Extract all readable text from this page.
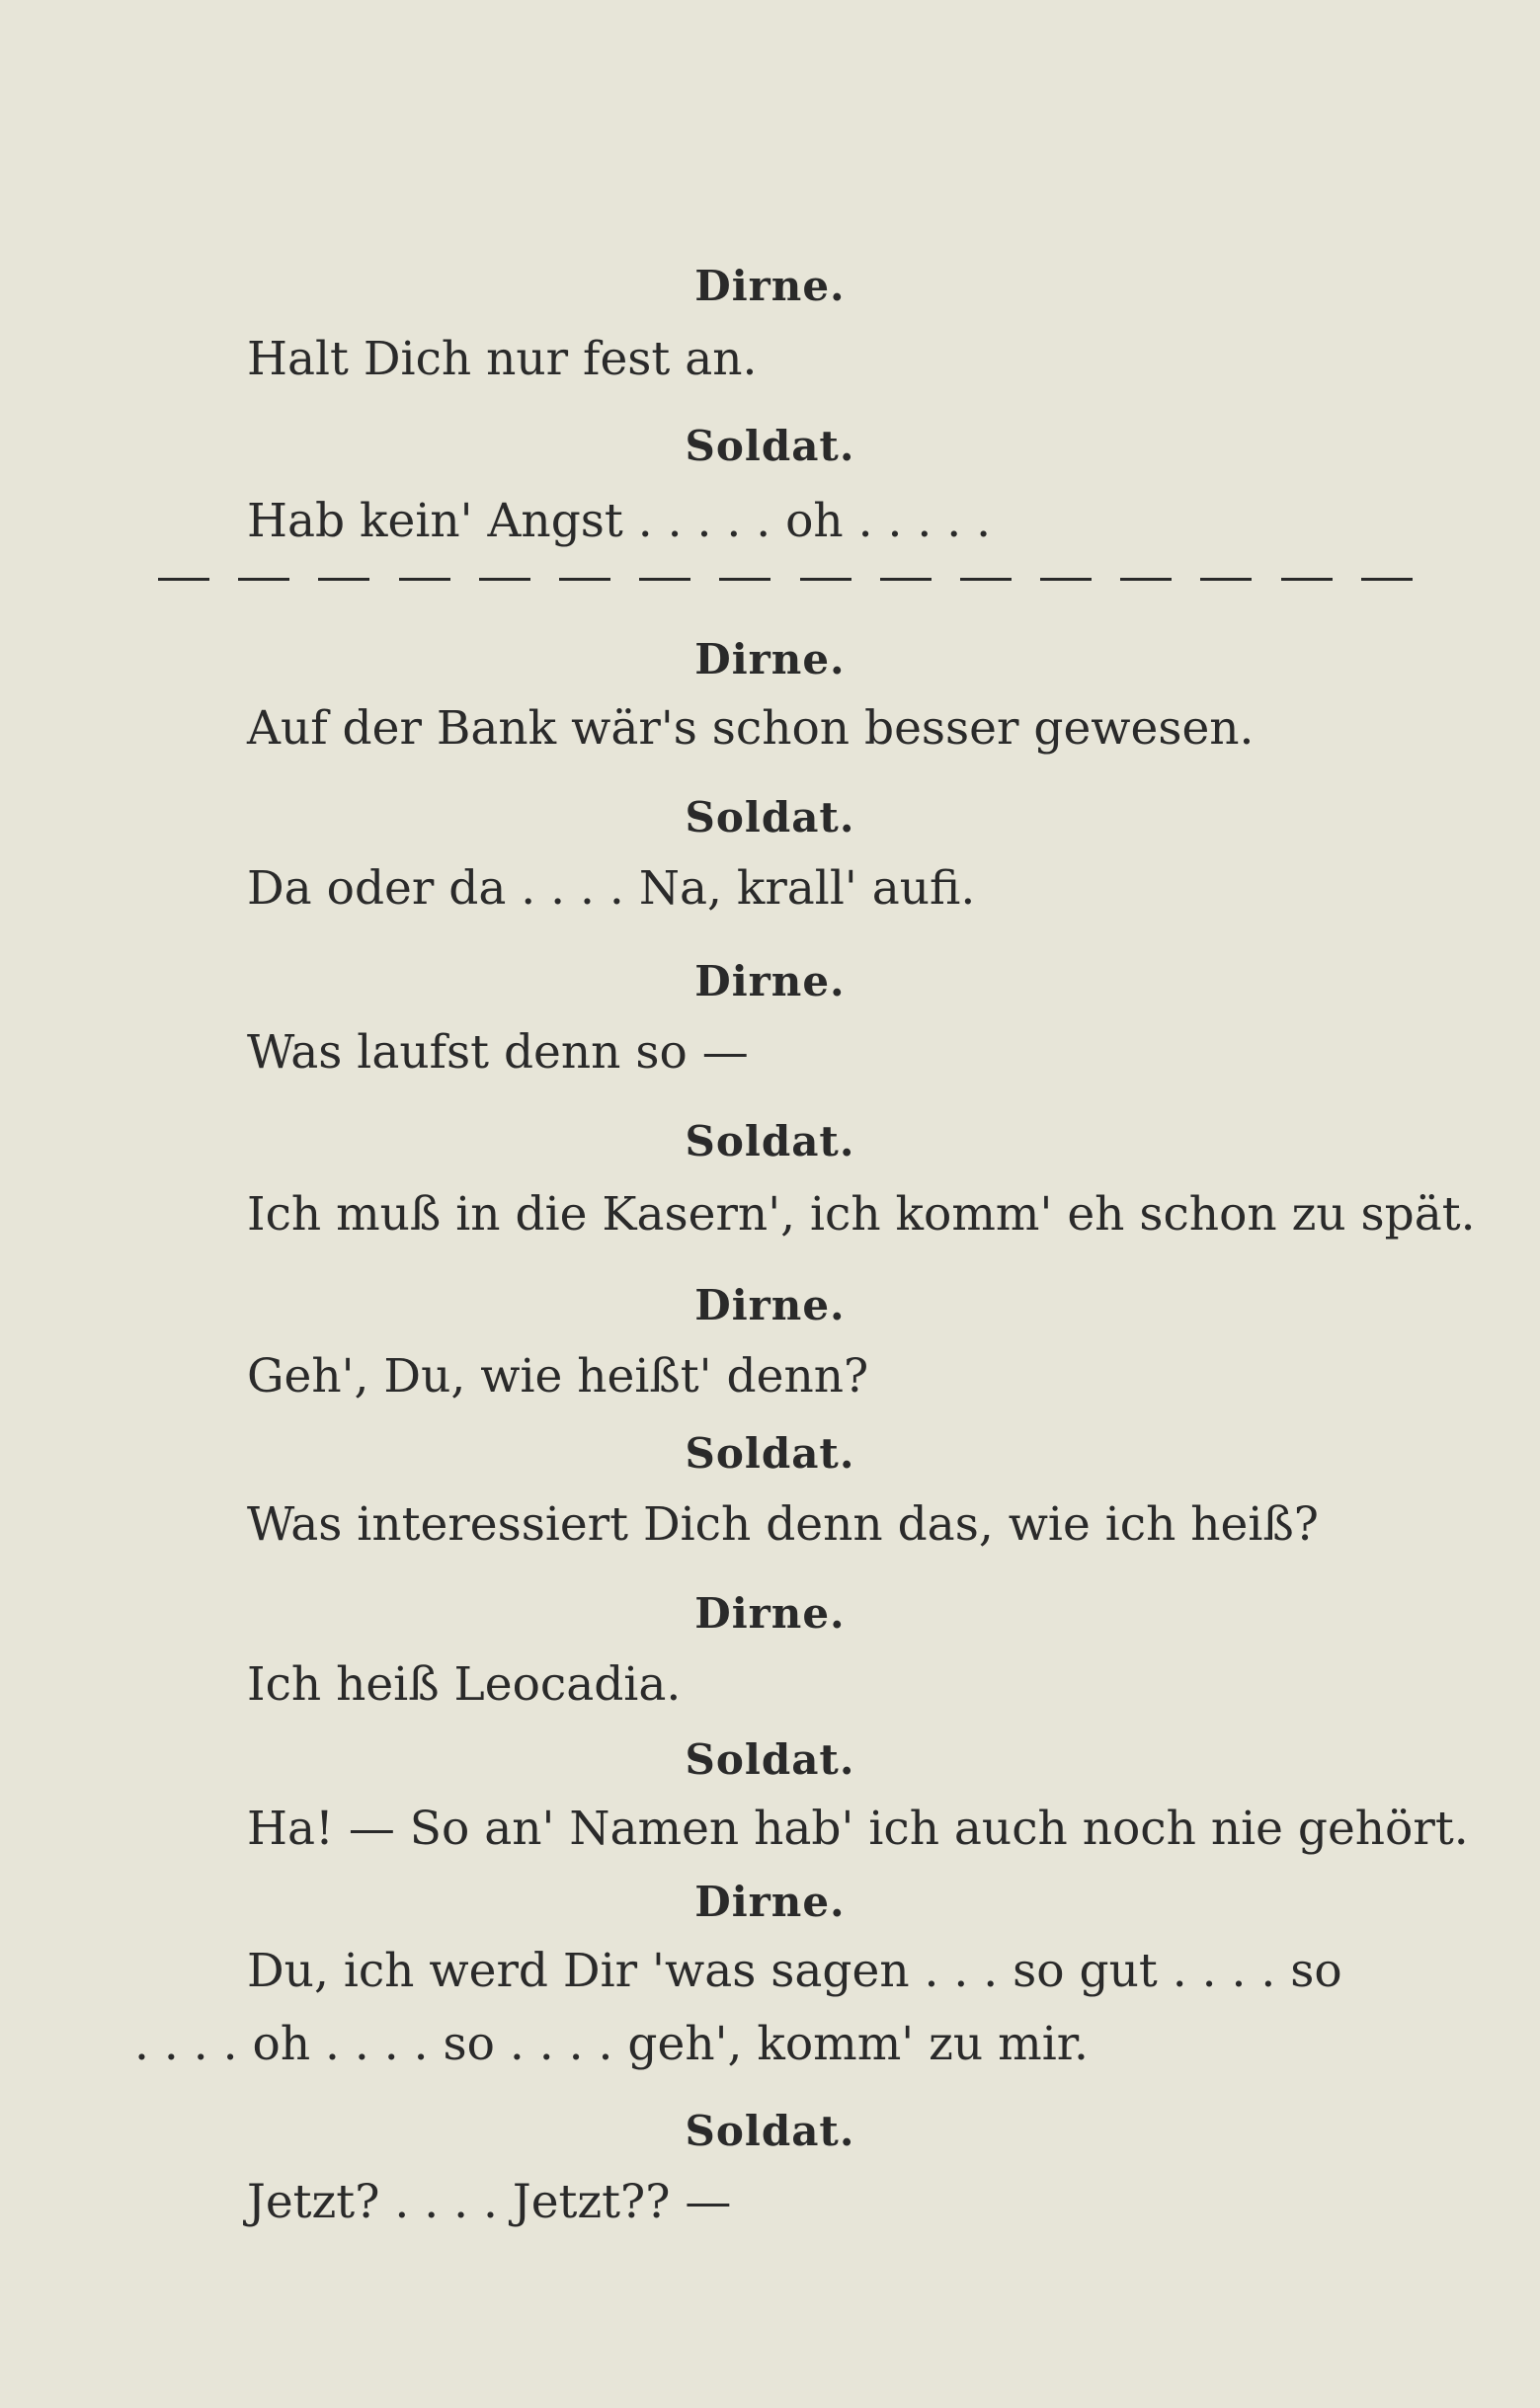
Dirne.
Halt Dich nur fest an.
Soldat.
Hab kein' Angst . . . . . oh . . . . .
Dirne.
Auf der Bank wär's schon besser gewesen.
Soldat.
Da oder da . . . . Na, krall' aufi.
Dirne.
Was laufst denn so —
Soldat.
Ich muß in die Kasern', ich komm' eh schon zu spät.
Dirne.
Geh', Du, wie heißt' denn?
Soldat.
Was interessiert Dich denn das, wie ich heiß?
Dirne.
Ich heiß Leocadia.
Soldat.
Ha! — So an' Namen hab' ich auch noch nie gehört.
Dirne.
Du, ich werd Dir 'was sagen . . . so gut . . . . so
. . . . oh . . . . so . . . . geh', komm' zu mir.
Soldat.
Jetzt? . . . . Jetzt?? —
